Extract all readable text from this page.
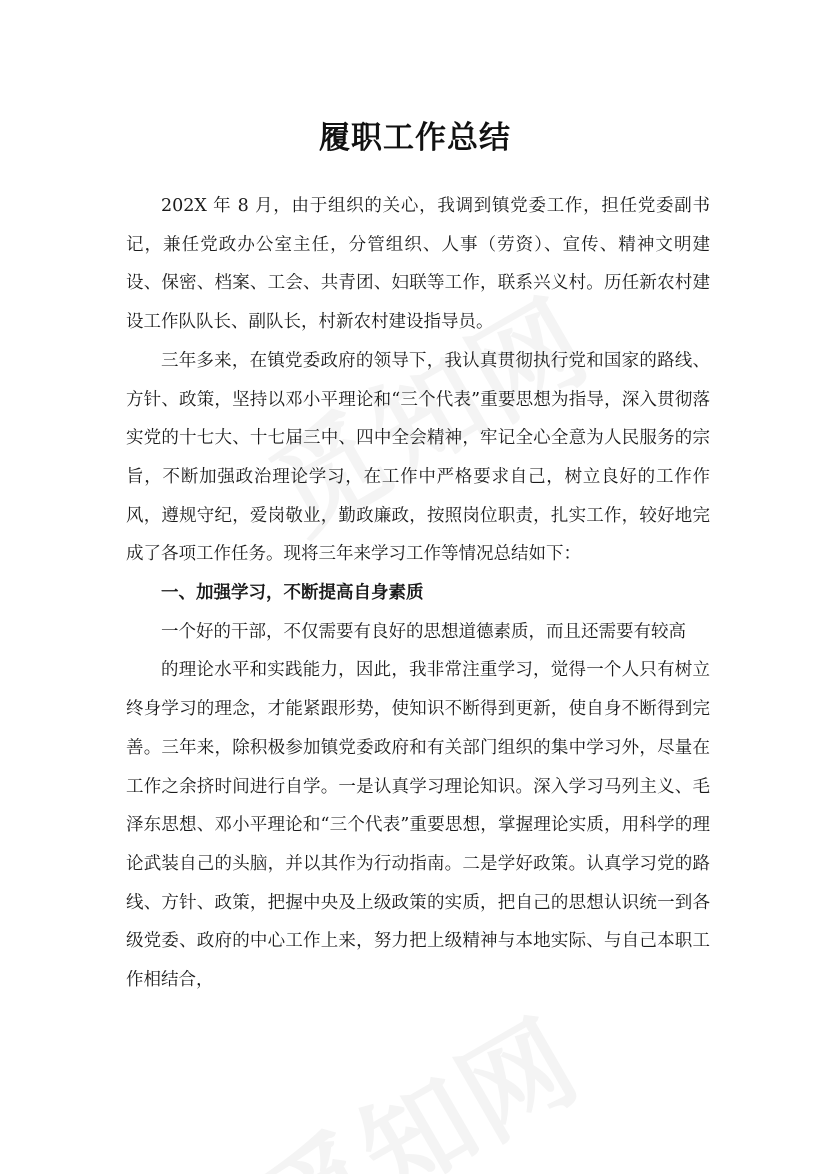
履职工作总结

202X 年 8 月，由于组织的关心，我调到镇党委工作，担任党委副书记，兼任党政办公室主任，分管组织、人事（劳资）、宣传、精神文明建设、保密、档案、工会、共青团、妇联等工作，联系兴义村。历任新农村建设工作队队长、副队长，村新农村建设指导员。

三年多来，在镇党委政府的领导下，我认真贯彻执行党和国家的路线、方针、政策，坚持以邓小平理论和“三个代表”重要思想为指导，深入贯彻落实党的十七大、十七届三中、四中全会精神，牢记全心全意为人民服务的宗旨，不断加强政治理论学习，在工作中严格要求自己，树立良好的工作作风，遵规守纪，爱岗敬业，勤政廉政，按照岗位职责，扎实工作，较好地完成了各项工作任务。现将三年来学习工作等情况总结如下：

一、加强学习，不断提高自身素质

一个好的干部，不仅需要有良好的思想道德素质，而且还需要有较高

的理论水平和实践能力，因此，我非常注重学习，觉得一个人只有树立终身学习的理念，才能紧跟形势，使知识不断得到更新，使自身不断得到完善。三年来，除积极参加镇党委政府和有关部门组织的集中学习外，尽量在工作之余挤时间进行自学。一是认真学习理论知识。深入学习马列主义、毛泽东思想、邓小平理论和“三个代表”重要思想，掌握理论实质，用科学的理论武装自己的头脑，并以其作为行动指南。二是学好政策。认真学习党的路线、方针、政策，把握中央及上级政策的实质，把自己的思想认识统一到各级党委、政府的中心工作上来，努力把上级精神与本地实际、与自己本职工作相结合，
